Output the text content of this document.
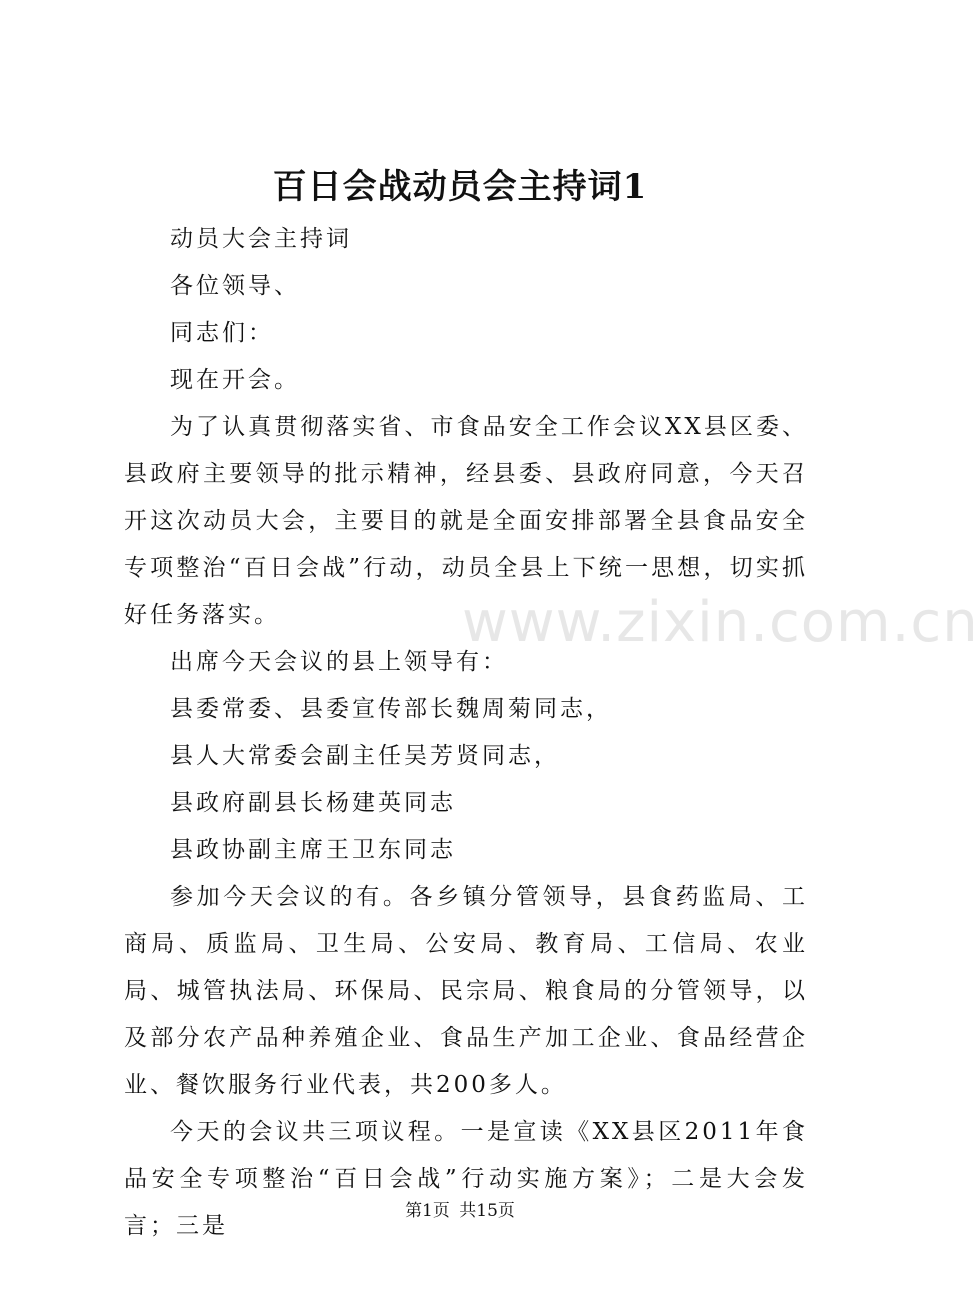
百日会战动员会主持词1

动员大会主持词

各位领导、

同志们：

现在开会。

为了认真贯彻落实省、市食品安全工作会议XX县区委、县政府主要领导的批示精神，经县委、县政府同意，今天召开这次动员大会，主要目的就是全面安排部署全县食品安全专项整治“百日会战”行动，动员全县上下统一思想，切实抓好任务落实。

出席今天会议的县上领导有：

县委常委、县委宣传部长魏周菊同志，

县人大常委会副主任吴芳贤同志，

县政府副县长杨建英同志

县政协副主席王卫东同志

参加今天会议的有。各乡镇分管领导，县食药监局、工商局、质监局、卫生局、公安局、教育局、工信局、农业局、城管执法局、环保局、民宗局、粮食局的分管领导，以及部分农产品种养殖企业、食品生产加工企业、食品经营企业、餐饮服务行业代表，共200多人。

今天的会议共三项议程。一是宣读《XX县区2011年食品安全专项整治“百日会战”行动实施方案》；二是大会发言；三是

www.zixin.com.cn
第1页 共15页
